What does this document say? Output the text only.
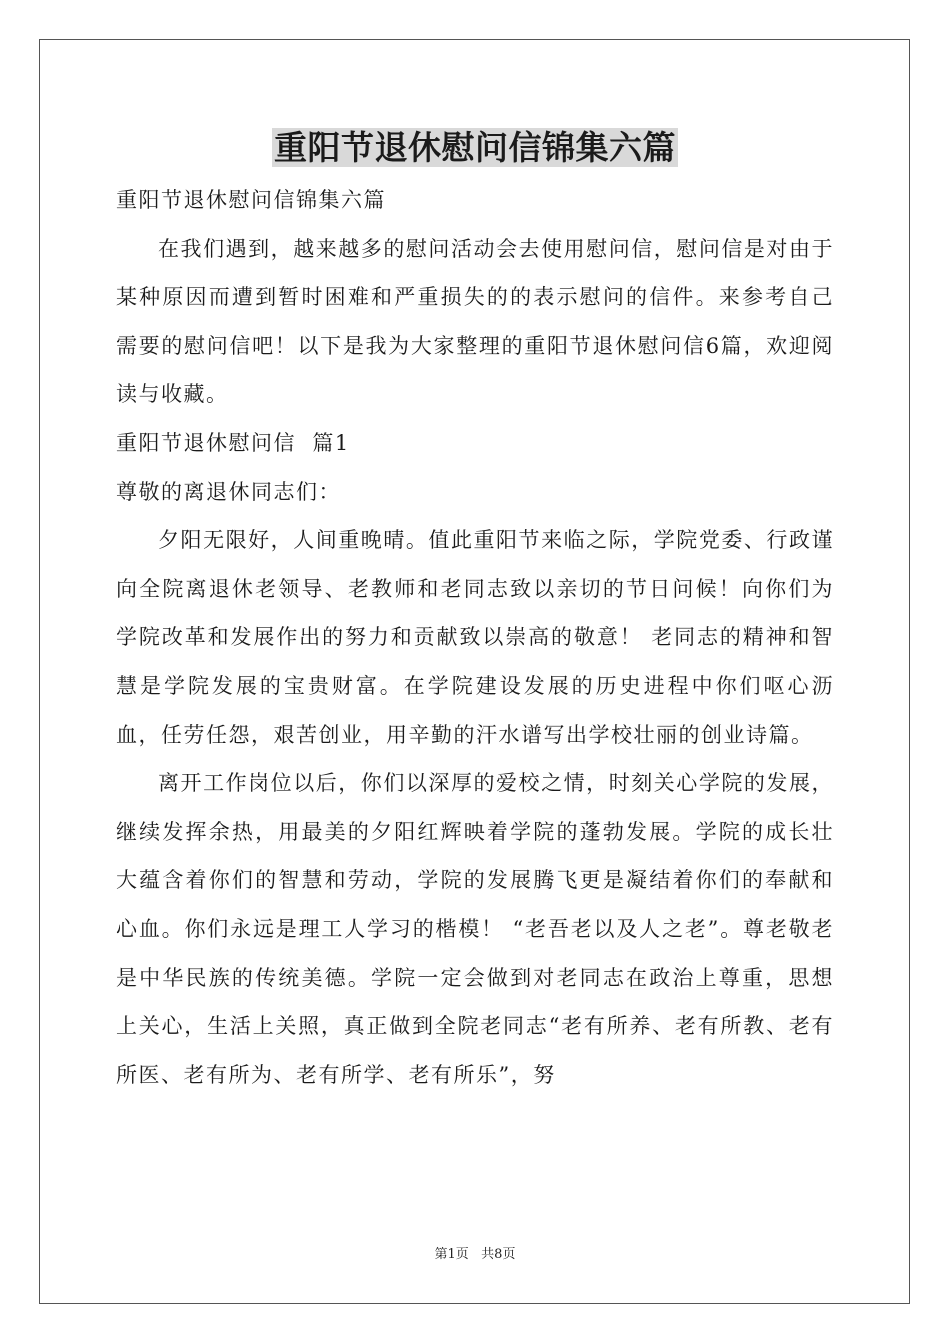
重阳节退休慰问信锦集六篇

重阳节退休慰问信锦集六篇

在我们遇到，越来越多的慰问活动会去使用慰问信，慰问信是对由于某种原因而遭到暂时困难和严重损失的的表示慰问的信件。来参考自己需要的慰问信吧！以下是我为大家整理的重阳节退休慰问信6篇，欢迎阅读与收藏。

重阳节退休慰问信  篇1

尊敬的离退休同志们：

夕阳无限好，人间重晚晴。值此重阳节来临之际，学院党委、行政谨向全院离退休老领导、老教师和老同志致以亲切的节日问候！向你们为学院改革和发展作出的努力和贡献致以崇高的敬意！ 老同志的精神和智慧是学院发展的宝贵财富。在学院建设发展的历史进程中你们呕心沥血，任劳任怨，艰苦创业，用辛勤的汗水谱写出学校壮丽的创业诗篇。

离开工作岗位以后，你们以深厚的爱校之情，时刻关心学院的发展，继续发挥余热，用最美的夕阳红辉映着学院的蓬勃发展。学院的成长壮大蕴含着你们的智慧和劳动，学院的发展腾飞更是凝结着你们的奉献和心血。你们永远是理工人学习的楷模！ “老吾老以及人之老”。尊老敬老是中华民族的传统美德。学院一定会做到对老同志在政治上尊重，思想上关心，生活上关照，真正做到全院老同志“老有所养、老有所教、老有所医、老有所为、老有所学、老有所乐”，努

第1页   共8页
